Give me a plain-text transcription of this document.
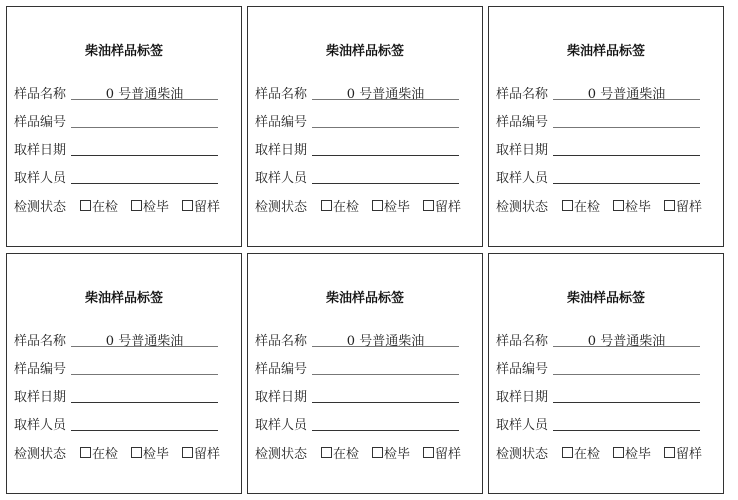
柴油样品标签
样品名称	0 号普通柴油
样品编号
取样日期
取样人员
检测状态	在检	检毕	留样
柴油样品标签
样品名称	0 号普通柴油
样品编号
取样日期
取样人员
检测状态	在检	检毕	留样
柴油样品标签
样品名称	0 号普通柴油
样品编号
取样日期
取样人员
检测状态	在检	检毕	留样
柴油样品标签
样品名称	0 号普通柴油
样品编号
取样日期
取样人员
检测状态	在检	检毕	留样
柴油样品标签
样品名称	0 号普通柴油
样品编号
取样日期
取样人员
检测状态	在检	检毕	留样
柴油样品标签
样品名称	0 号普通柴油
样品编号
取样日期
取样人员
检测状态	在检	检毕	留样
